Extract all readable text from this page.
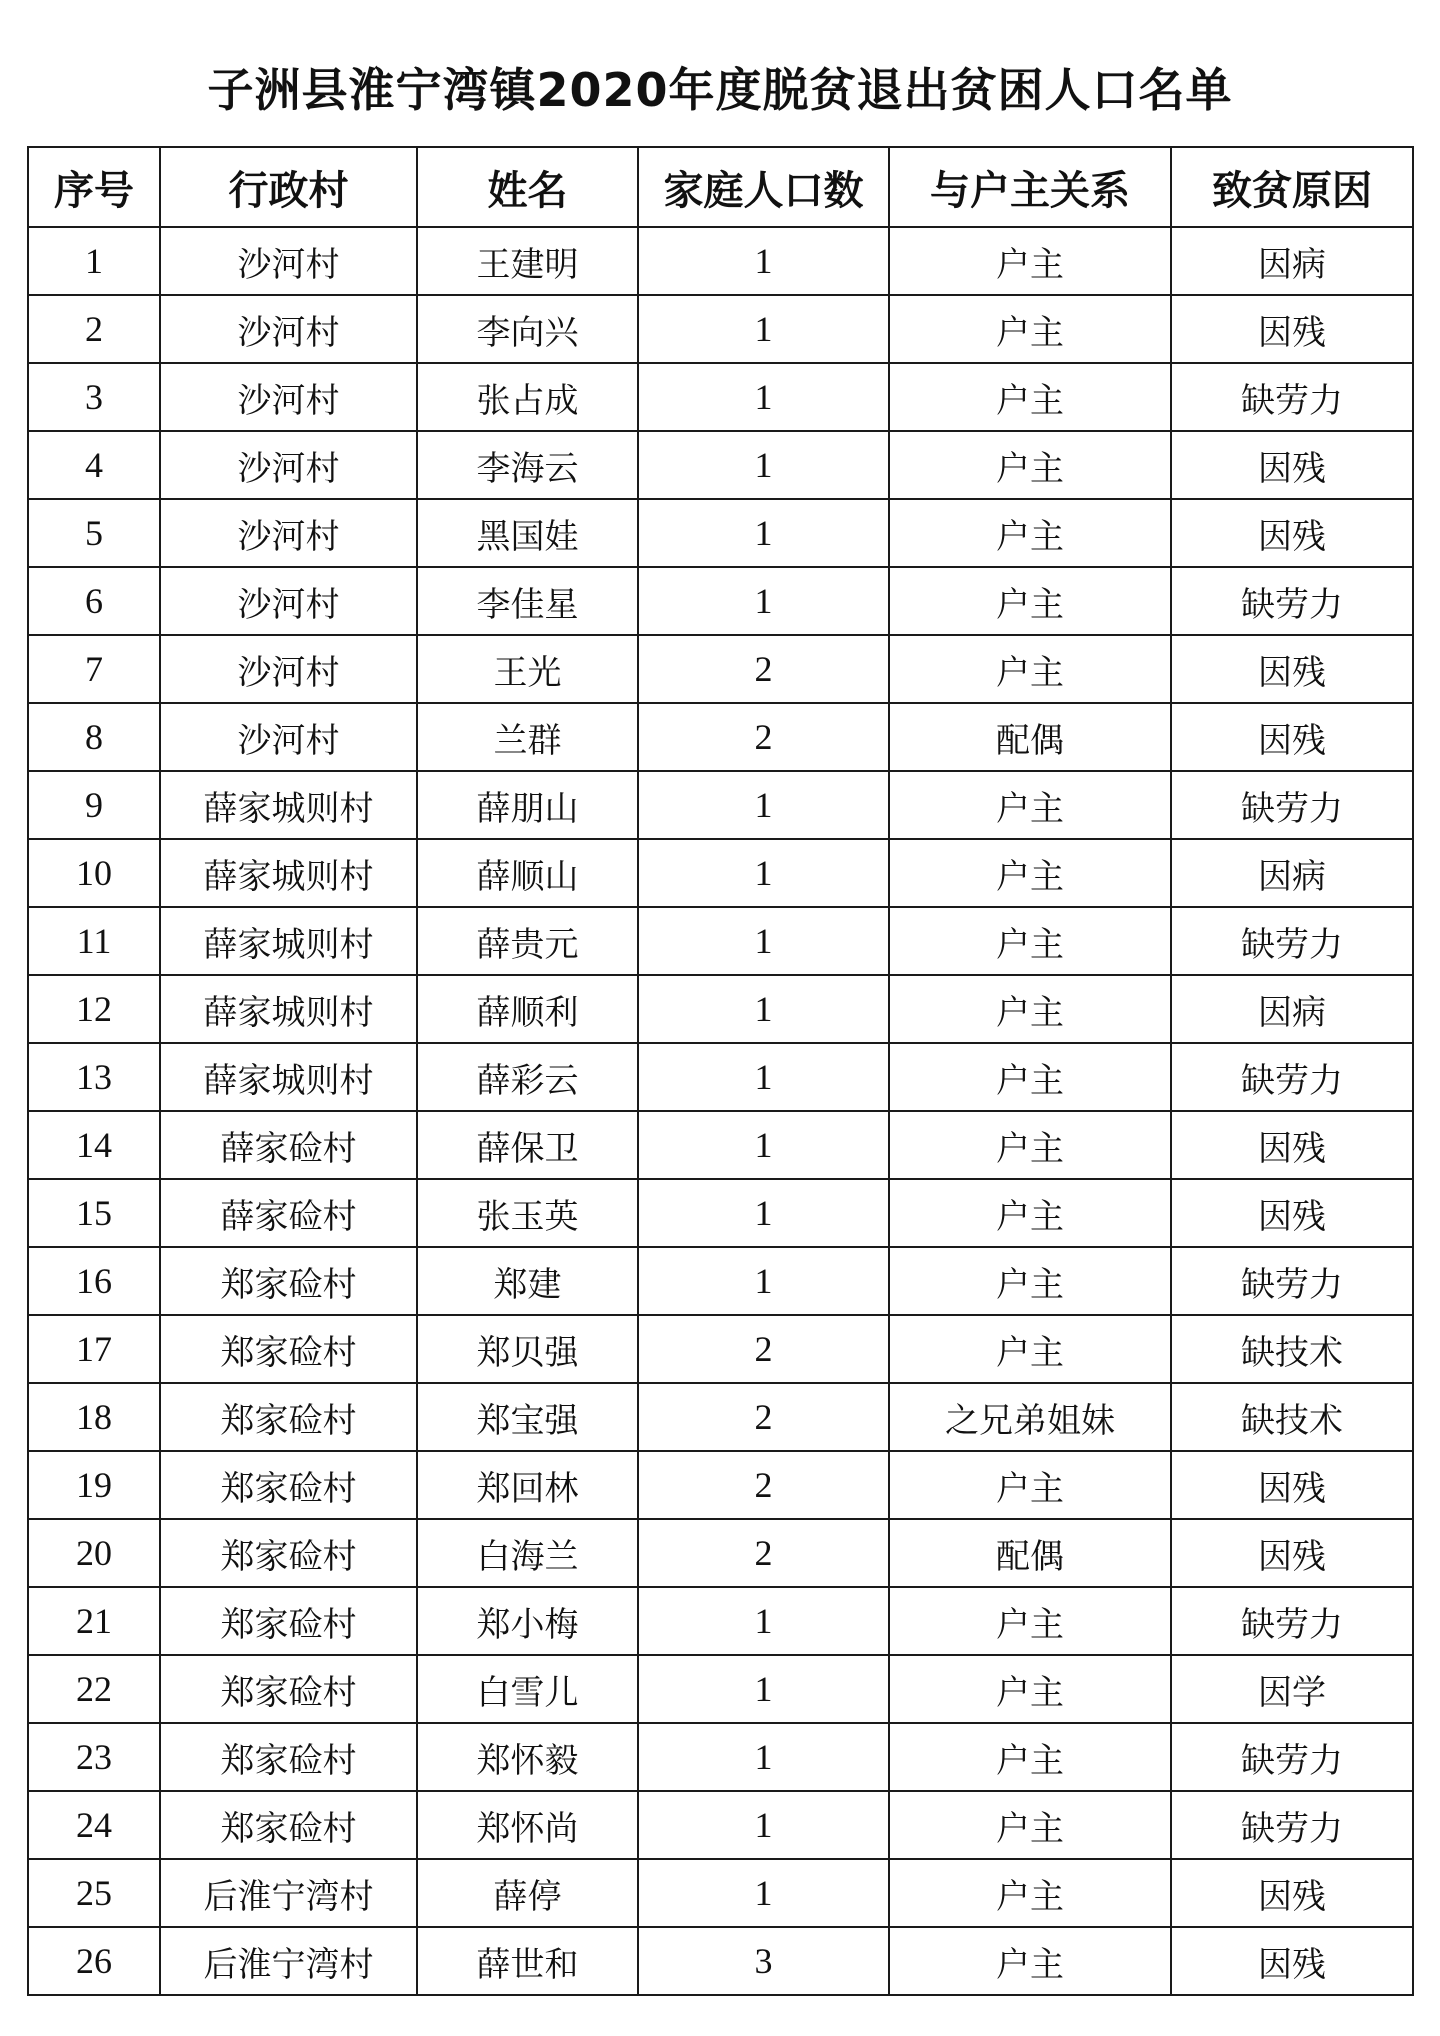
子洲县淮宁湾镇2020年度脱贫退出贫困人口名单
序号	行政村	姓名	家庭人口数	与户主关系	致贫原因
1	沙河村	王建明	1	户主	因病
2	沙河村	李向兴	1	户主	因残
3	沙河村	张占成	1	户主	缺劳力
4	沙河村	李海云	1	户主	因残
5	沙河村	黑国娃	1	户主	因残
6	沙河村	李佳星	1	户主	缺劳力
7	沙河村	王光	2	户主	因残
8	沙河村	兰群	2	配偶	因残
9	薛家城则村	薛朋山	1	户主	缺劳力
10	薛家城则村	薛顺山	1	户主	因病
11	薛家城则村	薛贵元	1	户主	缺劳力
12	薛家城则村	薛顺利	1	户主	因病
13	薛家城则村	薛彩云	1	户主	缺劳力
14	薛家硷村	薛保卫	1	户主	因残
15	薛家硷村	张玉英	1	户主	因残
16	郑家硷村	郑建	1	户主	缺劳力
17	郑家硷村	郑贝强	2	户主	缺技术
18	郑家硷村	郑宝强	2	之兄弟姐妹	缺技术
19	郑家硷村	郑回林	2	户主	因残
20	郑家硷村	白海兰	2	配偶	因残
21	郑家硷村	郑小梅	1	户主	缺劳力
22	郑家硷村	白雪儿	1	户主	因学
23	郑家硷村	郑怀毅	1	户主	缺劳力
24	郑家硷村	郑怀尚	1	户主	缺劳力
25	后淮宁湾村	薛停	1	户主	因残
26	后淮宁湾村	薛世和	3	户主	因残
